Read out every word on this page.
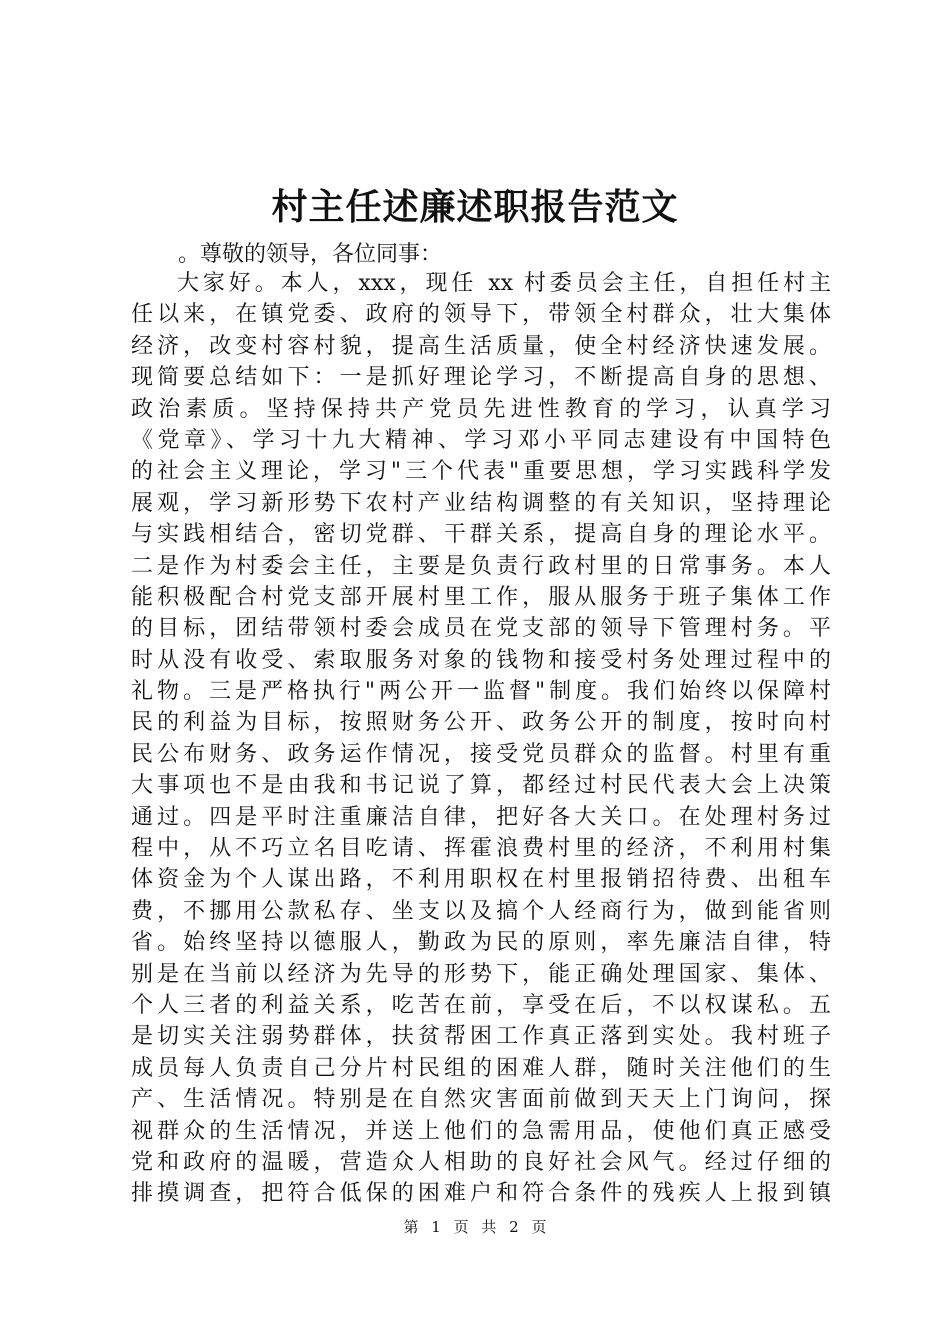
村主任述廉述职报告范文

。尊敬的领导，各位同事：

大家好。本人，xxx，现任 xx 村委员会主任，自担任村主
任以来，在镇党委、政府的领导下，带领全村群众，壮大集体
经济，改变村容村貌，提高生活质量，使全村经济快速发展。
现简要总结如下：一是抓好理论学习，不断提高自身的思想、
政治素质。坚持保持共产党员先进性教育的学习，认真学习
《党章》、学习十九大精神、学习邓小平同志建设有中国特色
的社会主义理论，学习"三个代表"重要思想，学习实践科学发
展观，学习新形势下农村产业结构调整的有关知识，坚持理论
与实践相结合，密切党群、干群关系，提高自身的理论水平。
二是作为村委会主任，主要是负责行政村里的日常事务。本人
能积极配合村党支部开展村里工作，服从服务于班子集体工作
的目标，团结带领村委会成员在党支部的领导下管理村务。平
时从没有收受、索取服务对象的钱物和接受村务处理过程中的
礼物。三是严格执行"两公开一监督"制度。我们始终以保障村
民的利益为目标，按照财务公开、政务公开的制度，按时向村
民公布财务、政务运作情况，接受党员群众的监督。村里有重
大事项也不是由我和书记说了算，都经过村民代表大会上决策
通过。四是平时注重廉洁自律，把好各大关口。在处理村务过
程中，从不巧立名目吃请、挥霍浪费村里的经济，不利用村集
体资金为个人谋出路，不利用职权在村里报销招待费、出租车
费，不挪用公款私存、坐支以及搞个人经商行为，做到能省则
省。始终坚持以德服人，勤政为民的原则，率先廉洁自律，特
别是在当前以经济为先导的形势下，能正确处理国家、集体、
个人三者的利益关系，吃苦在前，享受在后，不以权谋私。五
是切实关注弱势群体，扶贫帮困工作真正落到实处。我村班子
成员每人负责自己分片村民组的困难人群，随时关注他们的生
产、生活情况。特别是在自然灾害面前做到天天上门询问，探
视群众的生活情况，并送上他们的急需用品，使他们真正感受
党和政府的温暖，营造众人相助的良好社会风气。经过仔细的
排摸调查，把符合低保的困难户和符合条件的残疾人上报到镇

第 1 页 共 2 页
